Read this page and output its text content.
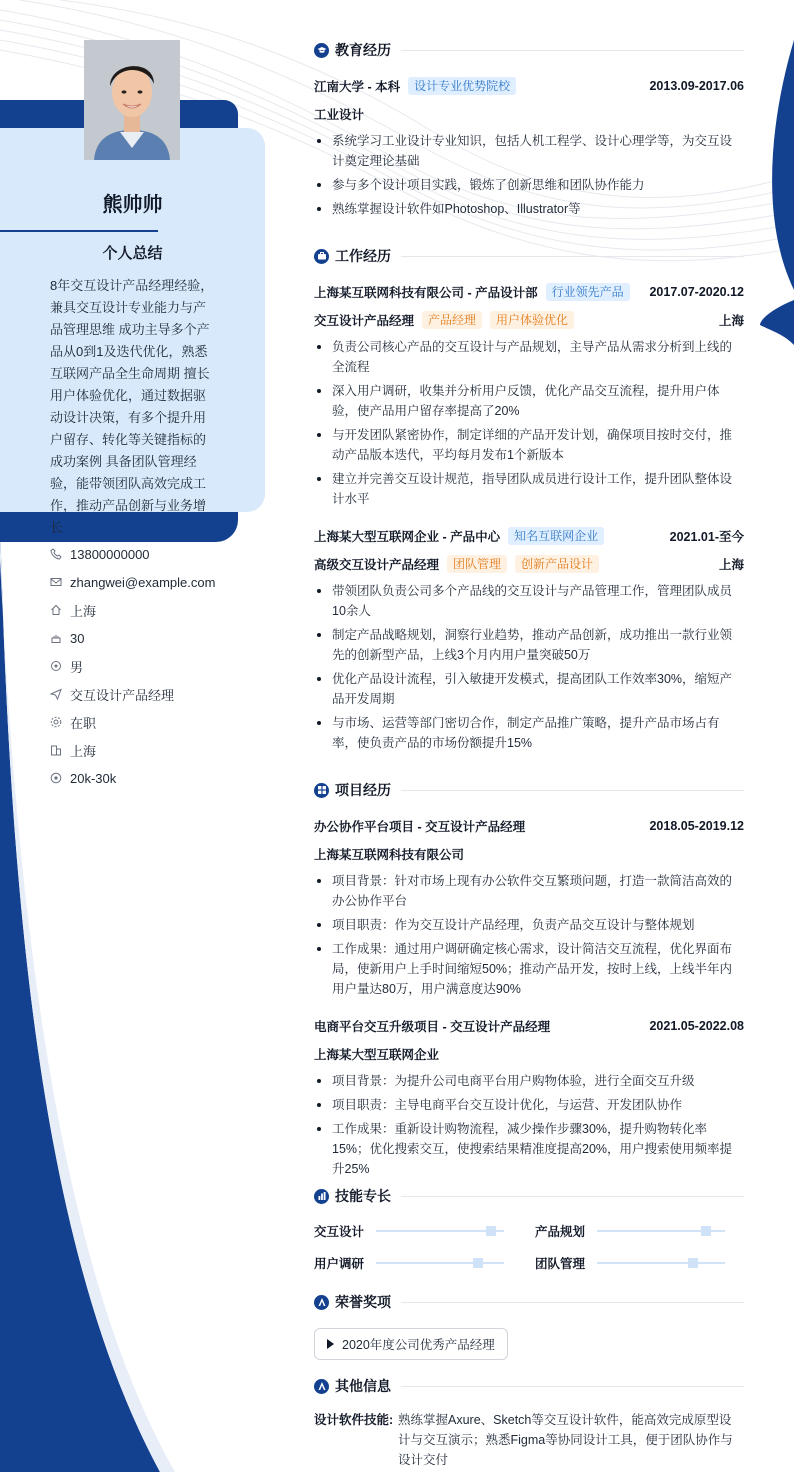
熊帅帅
个人总结
8年交互设计产品经理经验，兼具交互设计专业能力与产品管理思维 成功主导多个产品从0到1及迭代优化，熟悉互联网产品全生命周期 擅长用户体验优化，通过数据驱动设计决策，有多个提升用户留存、转化等关键指标的成功案例 具备团队管理经验，能带领团队高效完成工作，推动产品创新与业务增长
13800000000
zhangwei@example.com
上海
30
男
交互设计产品经理
在职
上海
20k-30k
教育经历
江南大学 - 本科	设计专业优势院校	2013.09-2017.06
工业设计
系统学习工业设计专业知识，包括人机工程学、设计心理学等，为交互设计奠定理论基础
参与多个设计项目实践，锻炼了创新思维和团队协作能力
熟练掌握设计软件如Photoshop、Illustrator等
工作经历
上海某互联网科技有限公司 - 产品设计部	行业领先产品	2017.07-2020.12
交互设计产品经理	产品经理	用户体验优化	上海
负责公司核心产品的交互设计与产品规划，主导产品从需求分析到上线的全流程
深入用户调研，收集并分析用户反馈，优化产品交互流程，提升用户体验，使产品用户留存率提高了20%
与开发团队紧密协作，制定详细的产品开发计划，确保项目按时交付，推动产品版本迭代，平均每月发布1个新版本
建立并完善交互设计规范，指导团队成员进行设计工作，提升团队整体设计水平
上海某大型互联网企业 - 产品中心	知名互联网企业	2021.01-至今
高级交互设计产品经理	团队管理	创新产品设计	上海
带领团队负责公司多个产品线的交互设计与产品管理工作，管理团队成员10余人
制定产品战略规划，洞察行业趋势，推动产品创新，成功推出一款行业领先的创新型产品，上线3个月内用户量突破50万
优化产品设计流程，引入敏捷开发模式，提高团队工作效率30%，缩短产品开发周期
与市场、运营等部门密切合作，制定产品推广策略，提升产品市场占有率，使负责产品的市场份额提升15%
项目经历
办公协作平台项目 - 交互设计产品经理	2018.05-2019.12
上海某互联网科技有限公司
项目背景：针对市场上现有办公软件交互繁琐问题，打造一款简洁高效的办公协作平台
项目职责：作为交互设计产品经理，负责产品交互设计与整体规划
工作成果：通过用户调研确定核心需求，设计简洁交互流程，优化界面布局，使新用户上手时间缩短50%；推动产品开发，按时上线，上线半年内用户量达80万，用户满意度达90%
电商平台交互升级项目 - 交互设计产品经理	2021.05-2022.08
上海某大型互联网企业
项目背景：为提升公司电商平台用户购物体验，进行全面交互升级
项目职责：主导电商平台交互设计优化，与运营、开发团队协作
工作成果：重新设计购物流程，减少操作步骤30%，提升购物转化率15%；优化搜索交互，使搜索结果精准度提高20%，用户搜索使用频率提升25%
技能专长
交互设计	产品规划
用户调研	团队管理
荣誉奖项
2020年度公司优秀产品经理
其他信息
设计软件技能: 熟练掌握Axure、Sketch等交互设计软件，能高效完成原型设计与交互演示；熟悉Figma等协同设计工具，便于团队协作与设计交付
